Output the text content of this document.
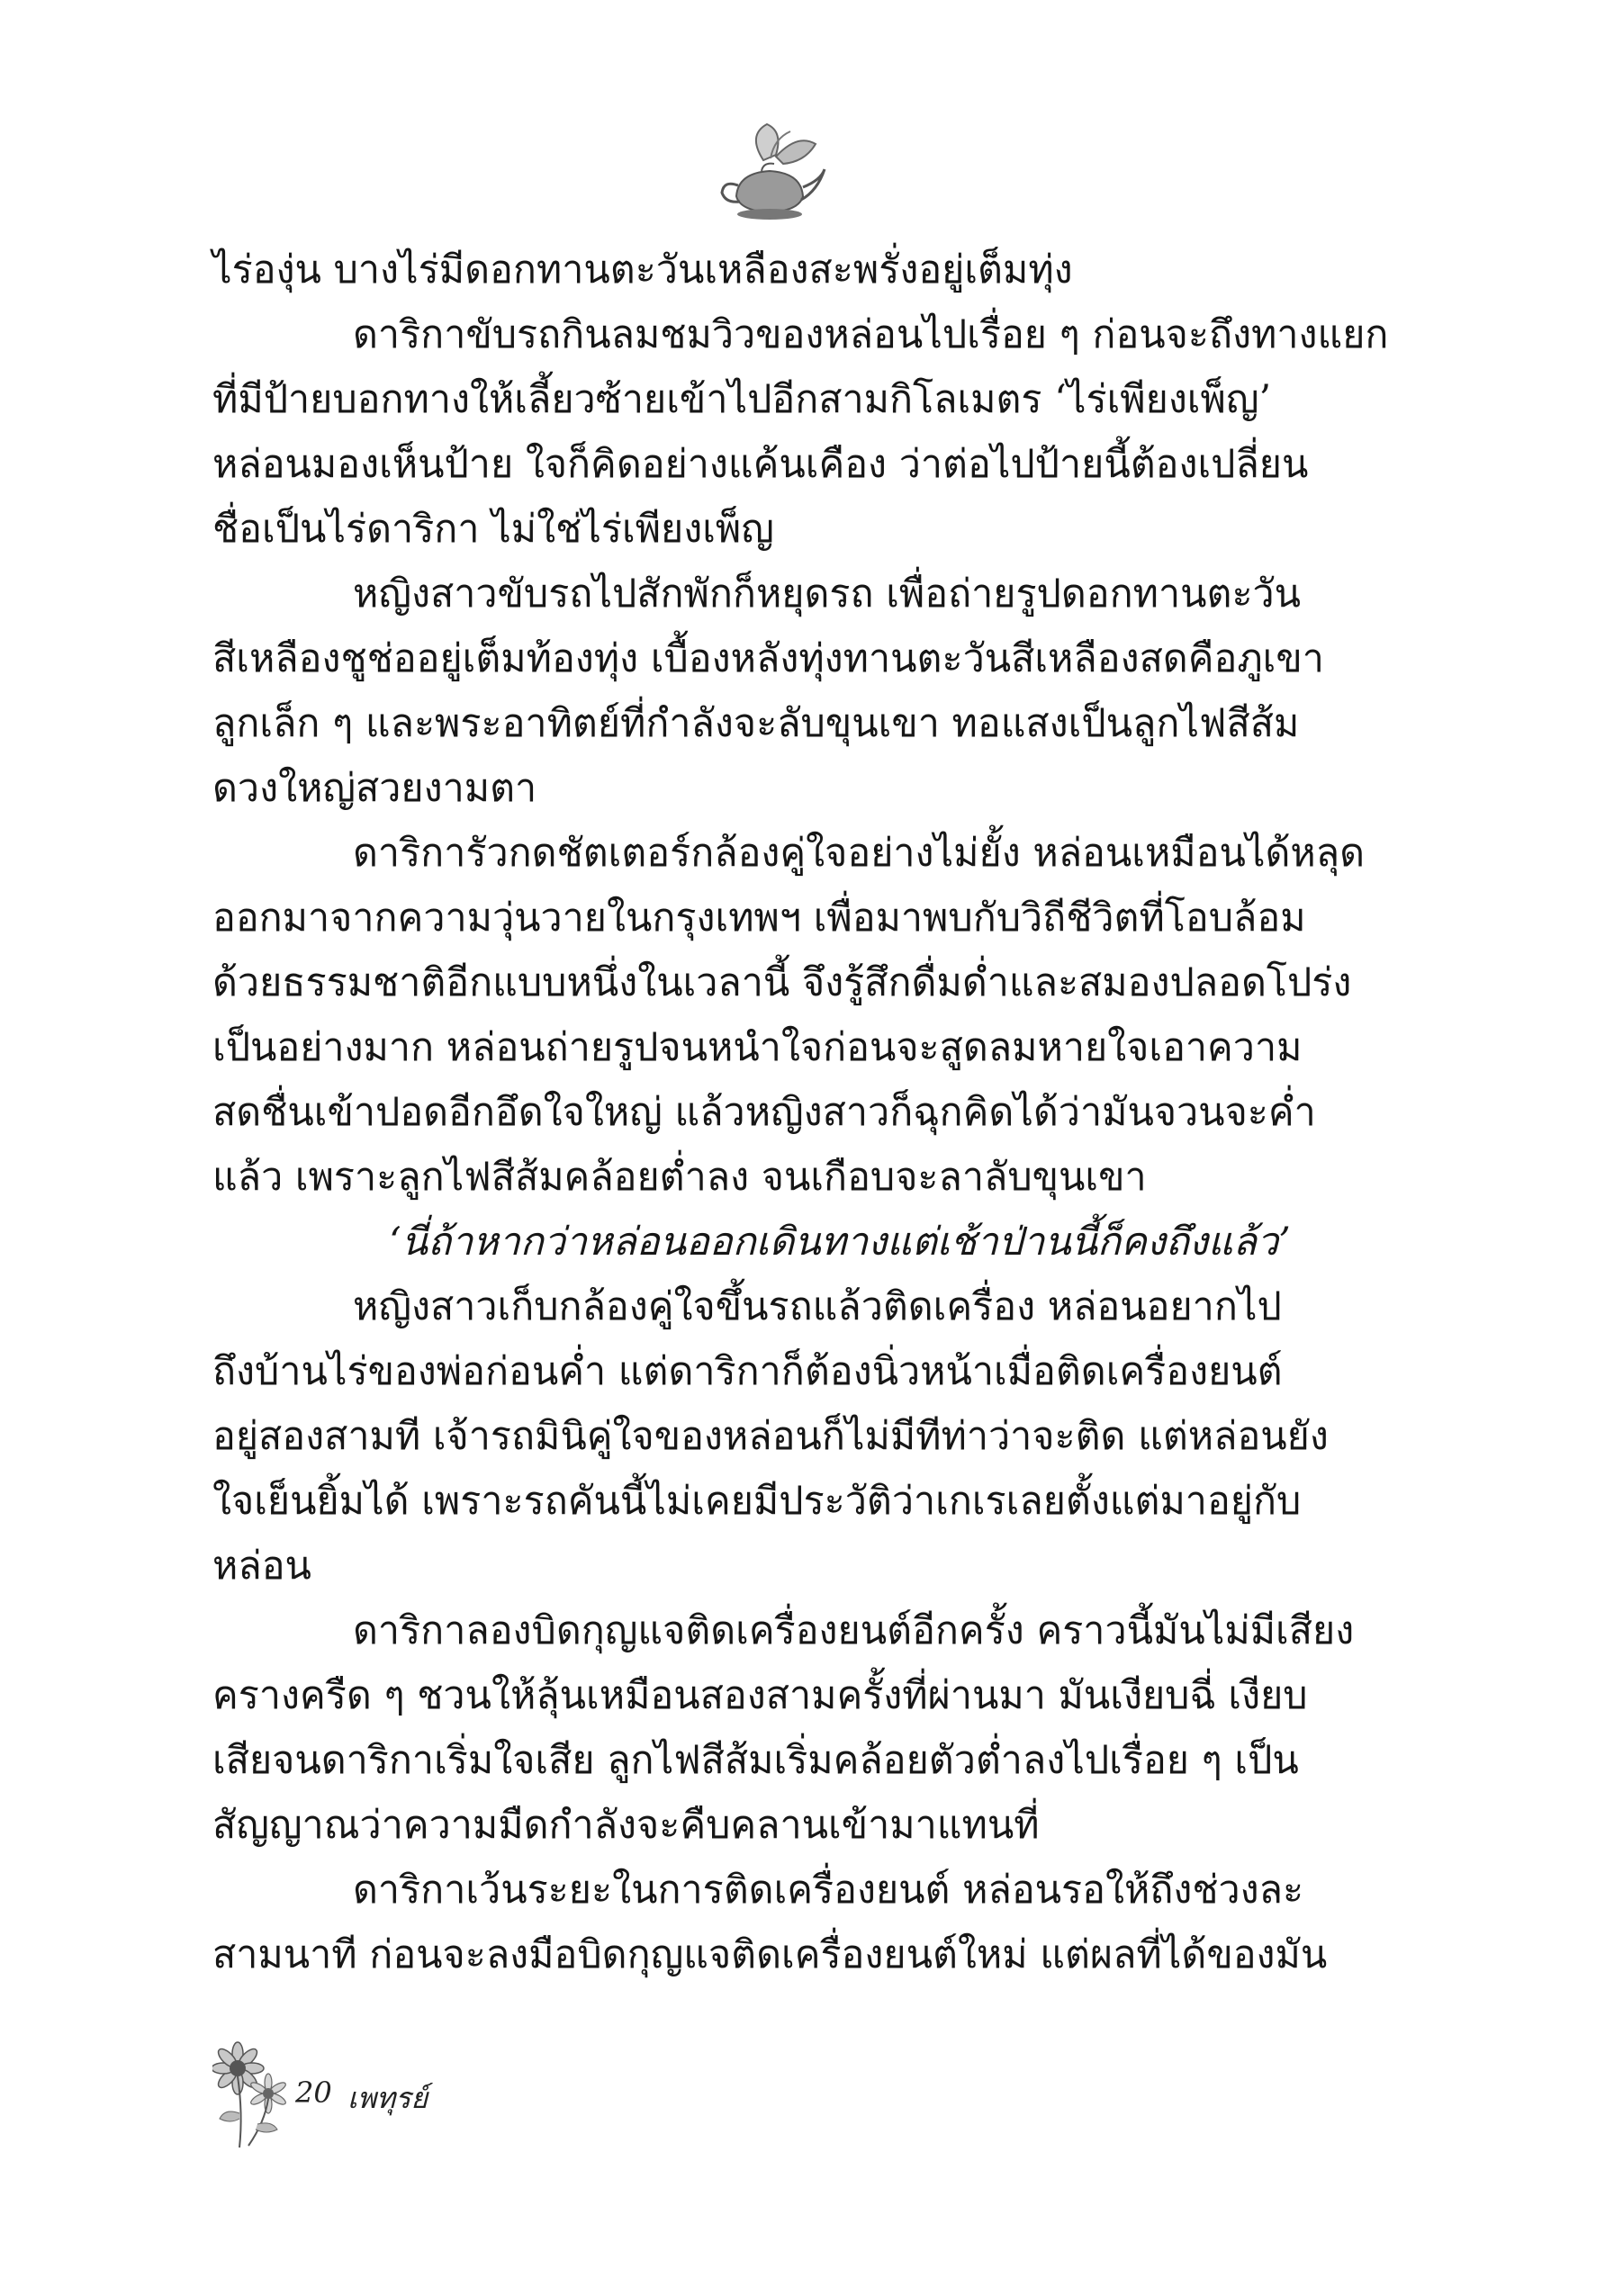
ไร่องุ่น บางไร่มีดอกทานตะวันเหลืองสะพรั่งอยู่เต็มทุ่ง
ดาริกาขับรถกินลมชมวิวของหล่อนไปเรื่อย ๆ ก่อนจะถึงทางแยก
ที่มีป้ายบอกทางให้เลี้ยวซ้ายเข้าไปอีกสามกิโลเมตร ‘ไร่เพียงเพ็ญ’
หล่อนมองเห็นป้าย ใจก็คิดอย่างแค้นเคือง ว่าต่อไปป้ายนี้ต้องเปลี่ยน
ชื่อเป็นไร่ดาริกา ไม่ใช่ไร่เพียงเพ็ญ
หญิงสาวขับรถไปสักพักก็หยุดรถ เพื่อถ่ายรูปดอกทานตะวัน
สีเหลืองชูช่ออยู่เต็มท้องทุ่ง เบื้องหลังทุ่งทานตะวันสีเหลืองสดคือภูเขา
ลูกเล็ก ๆ และพระอาทิตย์ที่กำลังจะลับขุนเขา ทอแสงเป็นลูกไฟสีส้ม
ดวงใหญ่สวยงามตา
ดาริการัวกดชัตเตอร์กล้องคู่ใจอย่างไม่ยั้ง หล่อนเหมือนได้หลุด
ออกมาจากความวุ่นวายในกรุงเทพฯ เพื่อมาพบกับวิถีชีวิตที่โอบล้อม
ด้วยธรรมชาติอีกแบบหนึ่งในเวลานี้ จึงรู้สึกดื่มด่ำและสมองปลอดโปร่ง
เป็นอย่างมาก หล่อนถ่ายรูปจนหนำใจก่อนจะสูดลมหายใจเอาความ
สดชื่นเข้าปอดอีกอึดใจใหญ่ แล้วหญิงสาวก็ฉุกคิดได้ว่ามันจวนจะค่ำ
แล้ว เพราะลูกไฟสีส้มคล้อยต่ำลง จนเกือบจะลาลับขุนเขา
‘นี่ถ้าหากว่าหล่อนออกเดินทางแต่เช้าป่านนี้ก็คงถึงแล้ว’
หญิงสาวเก็บกล้องคู่ใจขึ้นรถแล้วติดเครื่อง หล่อนอยากไป
ถึงบ้านไร่ของพ่อก่อนค่ำ แต่ดาริกาก็ต้องนิ่วหน้าเมื่อติดเครื่องยนต์
อยู่สองสามที เจ้ารถมินิคู่ใจของหล่อนก็ไม่มีทีท่าว่าจะติด แต่หล่อนยัง
ใจเย็นยิ้มได้ เพราะรถคันนี้ไม่เคยมีประวัติว่าเกเรเลยตั้งแต่มาอยู่กับ
หล่อน
ดาริกาลองบิดกุญแจติดเครื่องยนต์อีกครั้ง คราวนี้มันไม่มีเสียง
ครางครืด ๆ ชวนให้ลุ้นเหมือนสองสามครั้งที่ผ่านมา มันเงียบฉี่ เงียบ
เสียจนดาริกาเริ่มใจเสีย ลูกไฟสีส้มเริ่มคล้อยตัวต่ำลงไปเรื่อย ๆ เป็น
สัญญาณว่าความมืดกำลังจะคืบคลานเข้ามาแทนที่
ดาริกาเว้นระยะในการติดเครื่องยนต์ หล่อนรอให้ถึงช่วงละ
สามนาที ก่อนจะลงมือบิดกุญแจติดเครื่องยนต์ใหม่ แต่ผลที่ได้ของมัน
20 เพทุรย์
